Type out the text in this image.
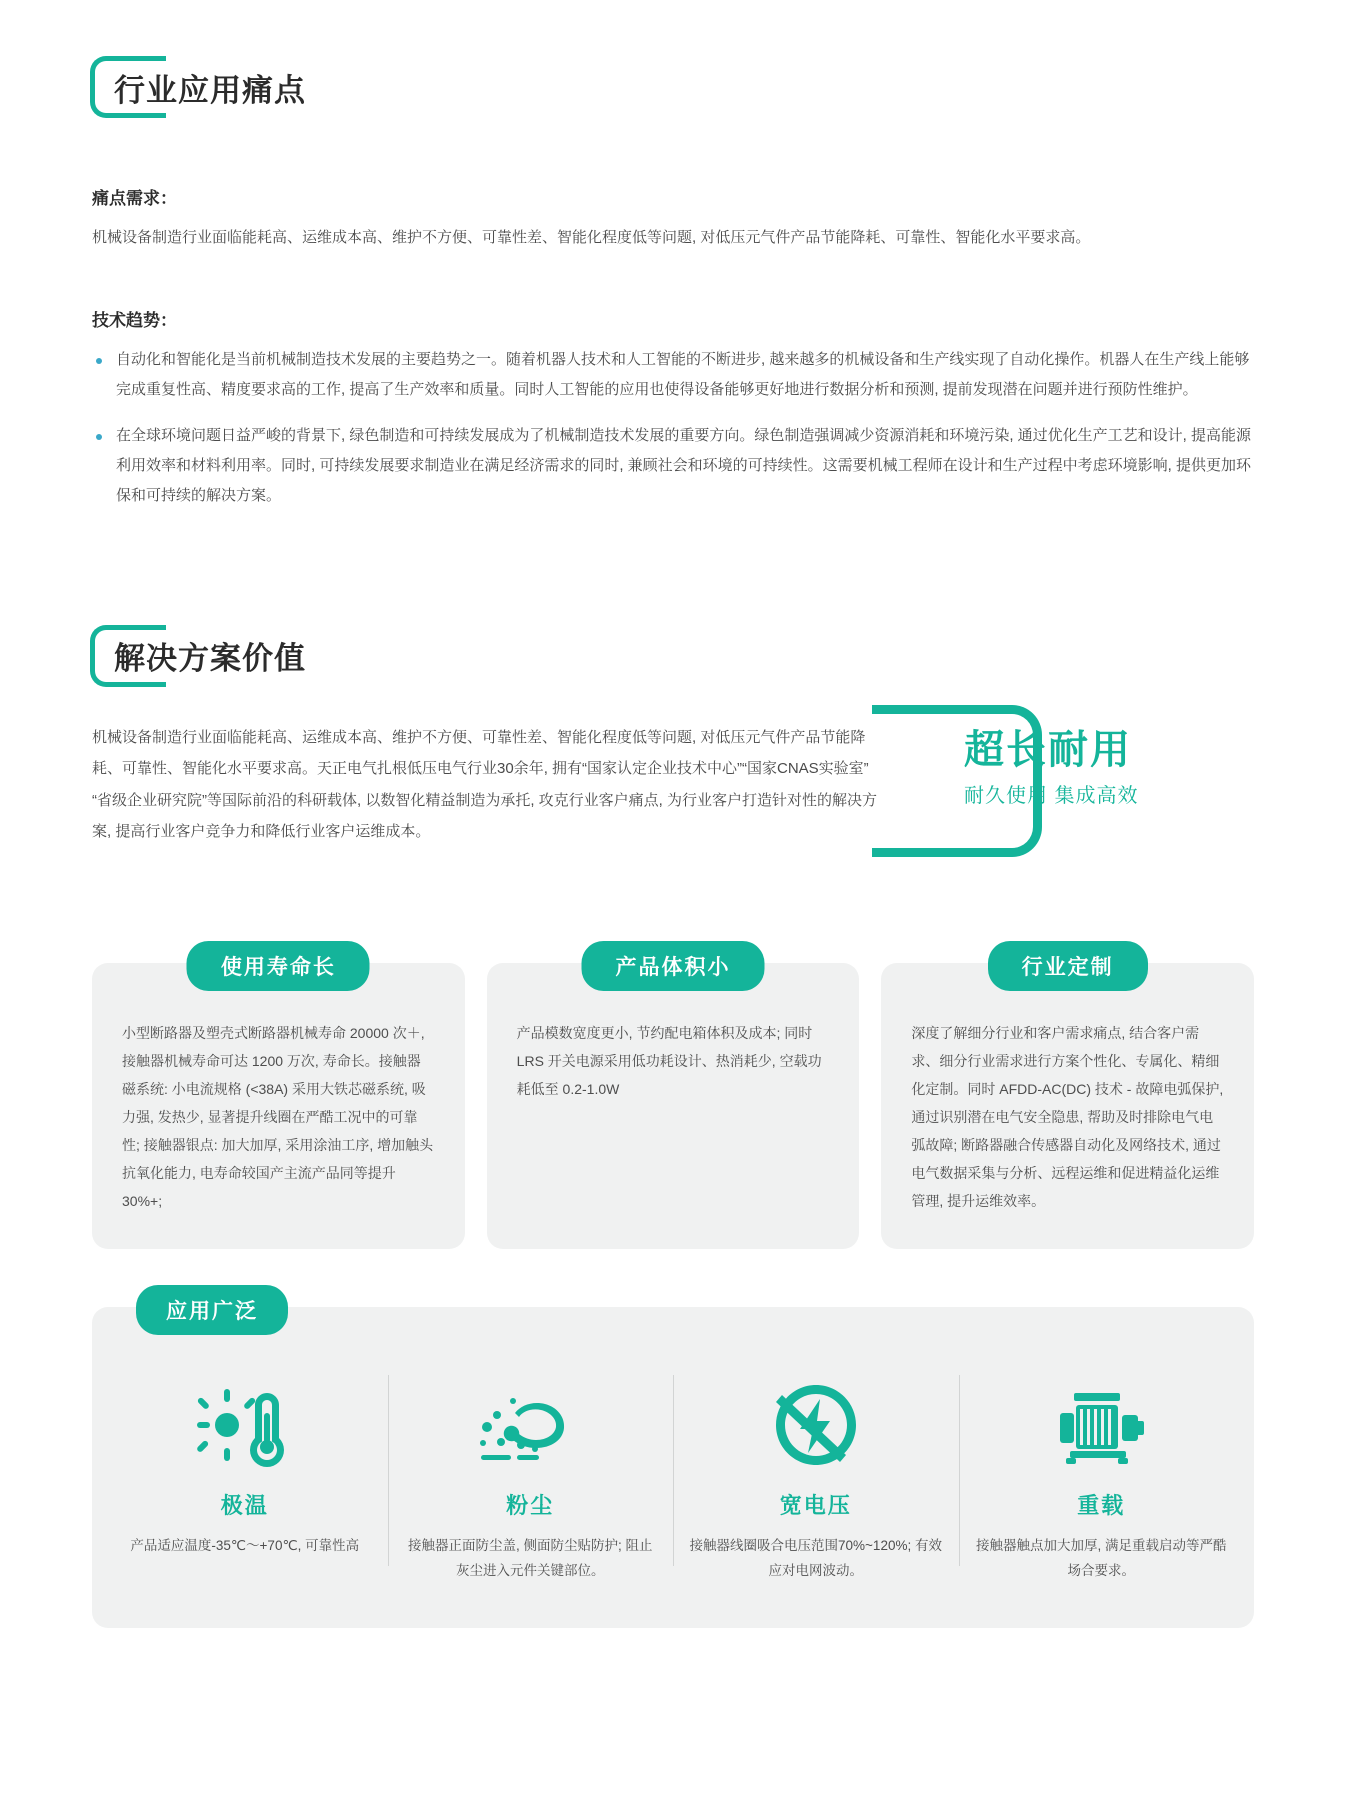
行业应用痛点
痛点需求：

机械设备制造行业面临能耗高、运维成本高、维护不方便、可靠性差、智能化程度低等问题, 对低压元气件产品节能降耗、可靠性、智能化水平要求高。

技术趋势：
自动化和智能化是当前机械制造技术发展的主要趋势之一。随着机器人技术和人工智能的不断进步, 越来越多的机械设备和生产线实现了自动化操作。机器人在生产线上能够完成重复性高、精度要求高的工作, 提高了生产效率和质量。同时人工智能的应用也使得设备能够更好地进行数据分析和预测, 提前发现潜在问题并进行预防性维护。
在全球环境问题日益严峻的背景下, 绿色制造和可持续发展成为了机械制造技术发展的重要方向。绿色制造强调减少资源消耗和环境污染, 通过优化生产工艺和设计, 提高能源利用效率和材料利用率。同时, 可持续发展要求制造业在满足经济需求的同时, 兼顾社会和环境的可持续性。这需要机械工程师在设计和生产过程中考虑环境影响, 提供更加环保和可持续的解决方案。
解决方案价值

机械设备制造行业面临能耗高、运维成本高、维护不方便、可靠性差、智能化程度低等问题, 对低压元气件产品节能降耗、可靠性、智能化水平要求高。天正电气扎根低压电气行业30余年, 拥有“国家认定企业技术中心”“国家CNAS实验室”“省级企业研究院”等国际前沿的科研载体, 以数智化精益制造为承托, 攻克行业客户痛点, 为行业客户打造针对性的解决方案, 提高行业客户竞争力和降低行业客户运维成本。

超长耐用
耐久使用 集成高效
使用寿命长
小型断路器及塑壳式断路器机械寿命 20000 次＋, 接触器机械寿命可达 1200 万次, 寿命长。接触器磁系统: 小电流规格 (<38A) 采用大铁芯磁系统, 吸力强, 发热少, 显著提升线圈在严酷工况中的可靠性; 接触器银点: 加大加厚, 采用涂油工序, 增加触头抗氧化能力, 电寿命较国产主流产品同等提升 30%+;
产品体积小
产品模数宽度更小, 节约配电箱体积及成本; 同时 LRS 开关电源采用低功耗设计、热消耗少, 空载功耗低至 0.2-1.0W
行业定制
深度了解细分行业和客户需求痛点, 结合客户需求、细分行业需求进行方案个性化、专属化、精细化定制。同时 AFDD-AC(DC) 技术 - 故障电弧保护, 通过识别潜在电气安全隐患, 帮助及时排除电气电弧故障; 断路器融合传感器自动化及网络技术, 通过电气数据采集与分析、远程运维和促进精益化运维管理, 提升运维效率。
应用广泛
极温
产品适应温度-35℃～+70℃, 可靠性高
粉尘
接触器正面防尘盖, 侧面防尘贴防护; 阻止灰尘进入元件关键部位。
宽电压
接触器线圈吸合电压范围70%~120%; 有效应对电网波动。
重载
接触器触点加大加厚, 满足重载启动等严酷场合要求。
